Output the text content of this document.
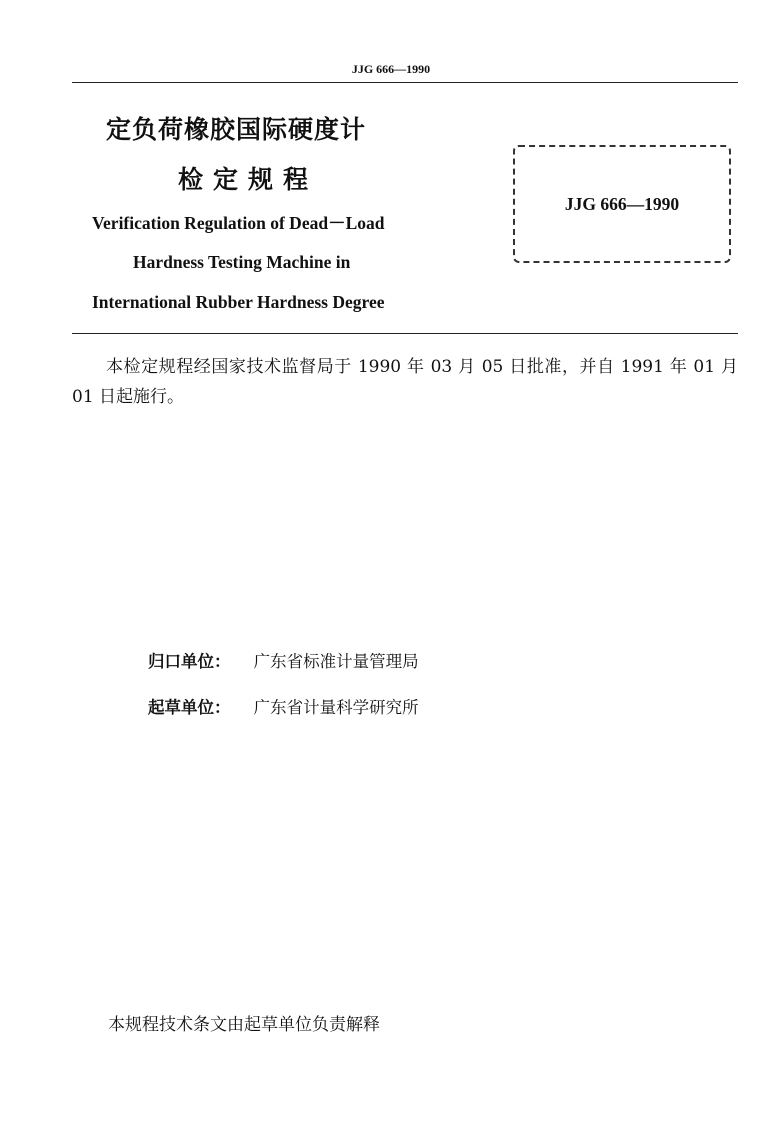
JJG 666—1990
定负荷橡胶国际硬度计
检定规程
Verification Regulation of Dead－Load
Hardness Testing Machine in
International Rubber Hardness Degree
JJG 666—1990
本检定规程经国家技术监督局于 1990 年 03 月 05 日批准，并自 1991 年 01 月 01 日起施行。
归口单位： 广东省标准计量管理局
起草单位： 广东省计量科学研究所
本规程技术条文由起草单位负责解释
